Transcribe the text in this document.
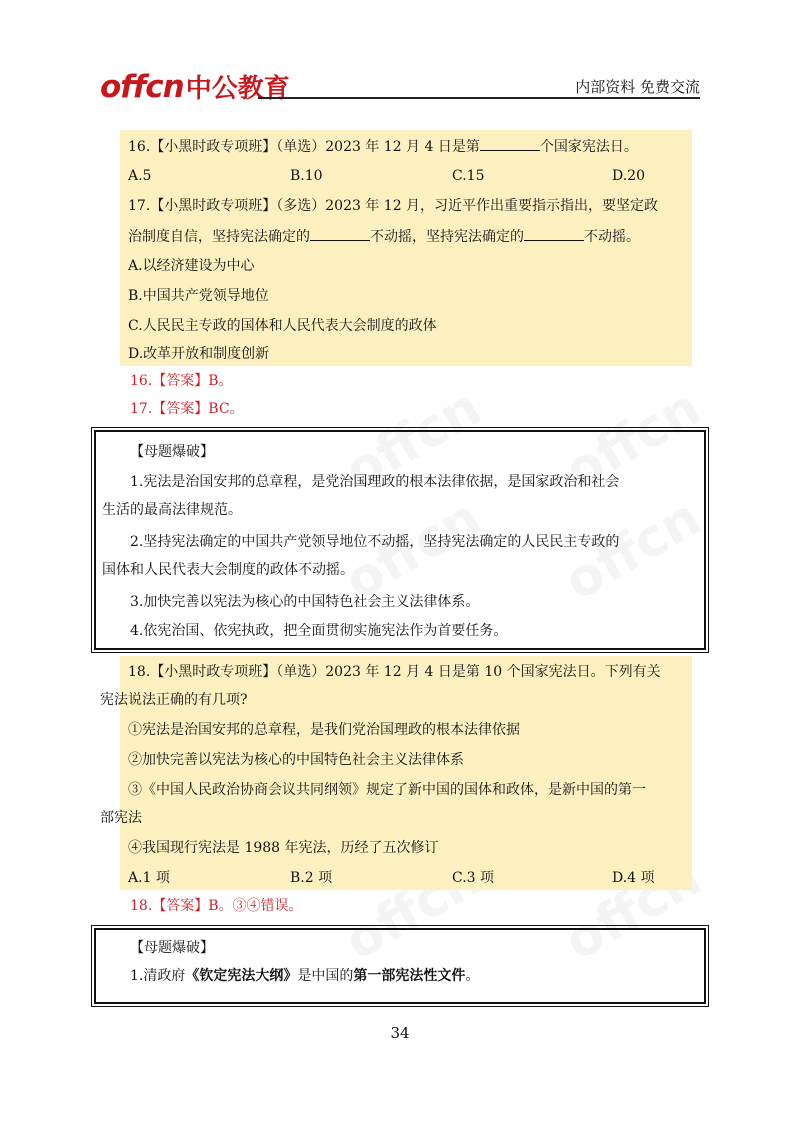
offcn中公教育	内部资料 免费交流
16.【小黑时政专项班】（单选）2023 年 12 月 4 日是第	个国家宪法日。
A.5	B.10	C.15	D.20
17.【小黑时政专项班】（多选）2023 年 12 月，习近平作出重要指示指出，要坚定政
治制度自信，坚持宪法确定的	不动摇，坚持宪法确定的	不动摇。
A.以经济建设为中心
B.中国共产党领导地位
C.人民民主专政的国体和人民代表大会制度的政体
D.改革开放和制度创新
16.【答案】B。
17.【答案】BC。
【母题爆破】
1.宪法是治国安邦的总章程，是党治国理政的根本法律依据，是国家政治和社会
生活的最高法律规范。
2.坚持宪法确定的中国共产党领导地位不动摇，坚持宪法确定的人民民主专政的
国体和人民代表大会制度的政体不动摇。
3.加快完善以宪法为核心的中国特色社会主义法律体系。
4.依宪治国、依宪执政，把全面贯彻实施宪法作为首要任务。
18.【小黑时政专项班】（单选）2023 年 12 月 4 日是第 10 个国家宪法日。下列有关
宪法说法正确的有几项?
①宪法是治国安邦的总章程，是我们党治国理政的根本法律依据
②加快完善以宪法为核心的中国特色社会主义法律体系
③《中国人民政治协商会议共同纲领》规定了新中国的国体和政体，是新中国的第一
部宪法
④我国现行宪法是 1988 年宪法，历经了五次修订
A.1 项	B.2 项	C.3 项	D.4 项
18.【答案】B。③④错误。
【母题爆破】
1.清政府《钦定宪法大纲》是中国的第一部宪法性文件。
34
